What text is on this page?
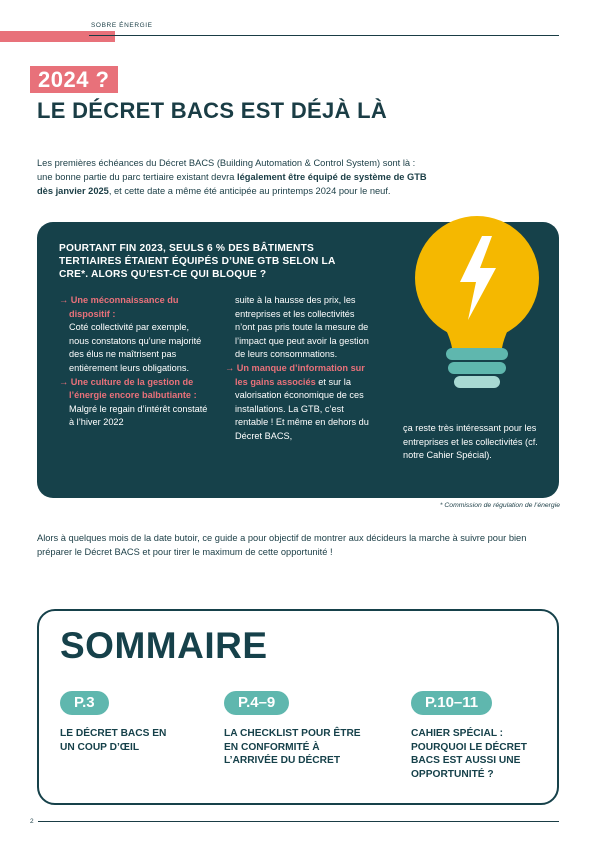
SOBRE ÉNERGIE
2024 ?
LE DÉCRET BACS EST DÉJÀ LÀ

Les premières échéances du Décret BACS (Building Automation & Control System) sont là :
une bonne partie du parc tertiaire existant devra légalement être équipé de système de GTB
dès janvier 2025, et cette date a même été anticipée au printemps 2024 pour le neuf.

POURTANT FIN 2023, SEULS 6 % DES BÂTIMENTS TERTIAIRES ÉTAIENT ÉQUIPÉS D’UNE GTB SELON LA CRE*. ALORS QU’EST-CE QUI BLOQUE ?
→ Une méconnaissance du dispositif :
Coté collectivité par exemple, nous constatons qu’une majorité des élus ne maîtrisent pas entièrement leurs obligations.
→ Une culture de la gestion de l’énergie encore balbutiante : Malgré le regain d’intérêt constaté à l’hiver 2022
suite à la hausse des prix, les entreprises et les collectivités n’ont pas pris toute la mesure de l’impact que peut avoir la gestion de leurs consommations.
→ Un manque d’information sur les gains associés et sur la valorisation économique de ces installations. La GTB, c’est rentable ! Et même en dehors du Décret BACS,
ça reste très intéressant pour les entreprises et les collectivités (cf. notre Cahier Spécial).
* Commission de régulation de l’énergie

Alors à quelques mois de la date butoir, ce guide a pour objectif de montrer aux décideurs la marche à suivre pour bien préparer le Décret BACS et pour tirer le maximum de cette opportunité !

SOMMAIRE
P.3
LE DÉCRET BACS EN UN COUP D’ŒIL
P.4–9
LA CHECKLIST POUR ÊTRE EN CONFORMITÉ À L’ARRIVÉE DU DÉCRET
P.10–11
CAHIER SPÉCIAL : POURQUOI LE DÉCRET BACS EST AUSSI UNE OPPORTUNITÉ ?
2
